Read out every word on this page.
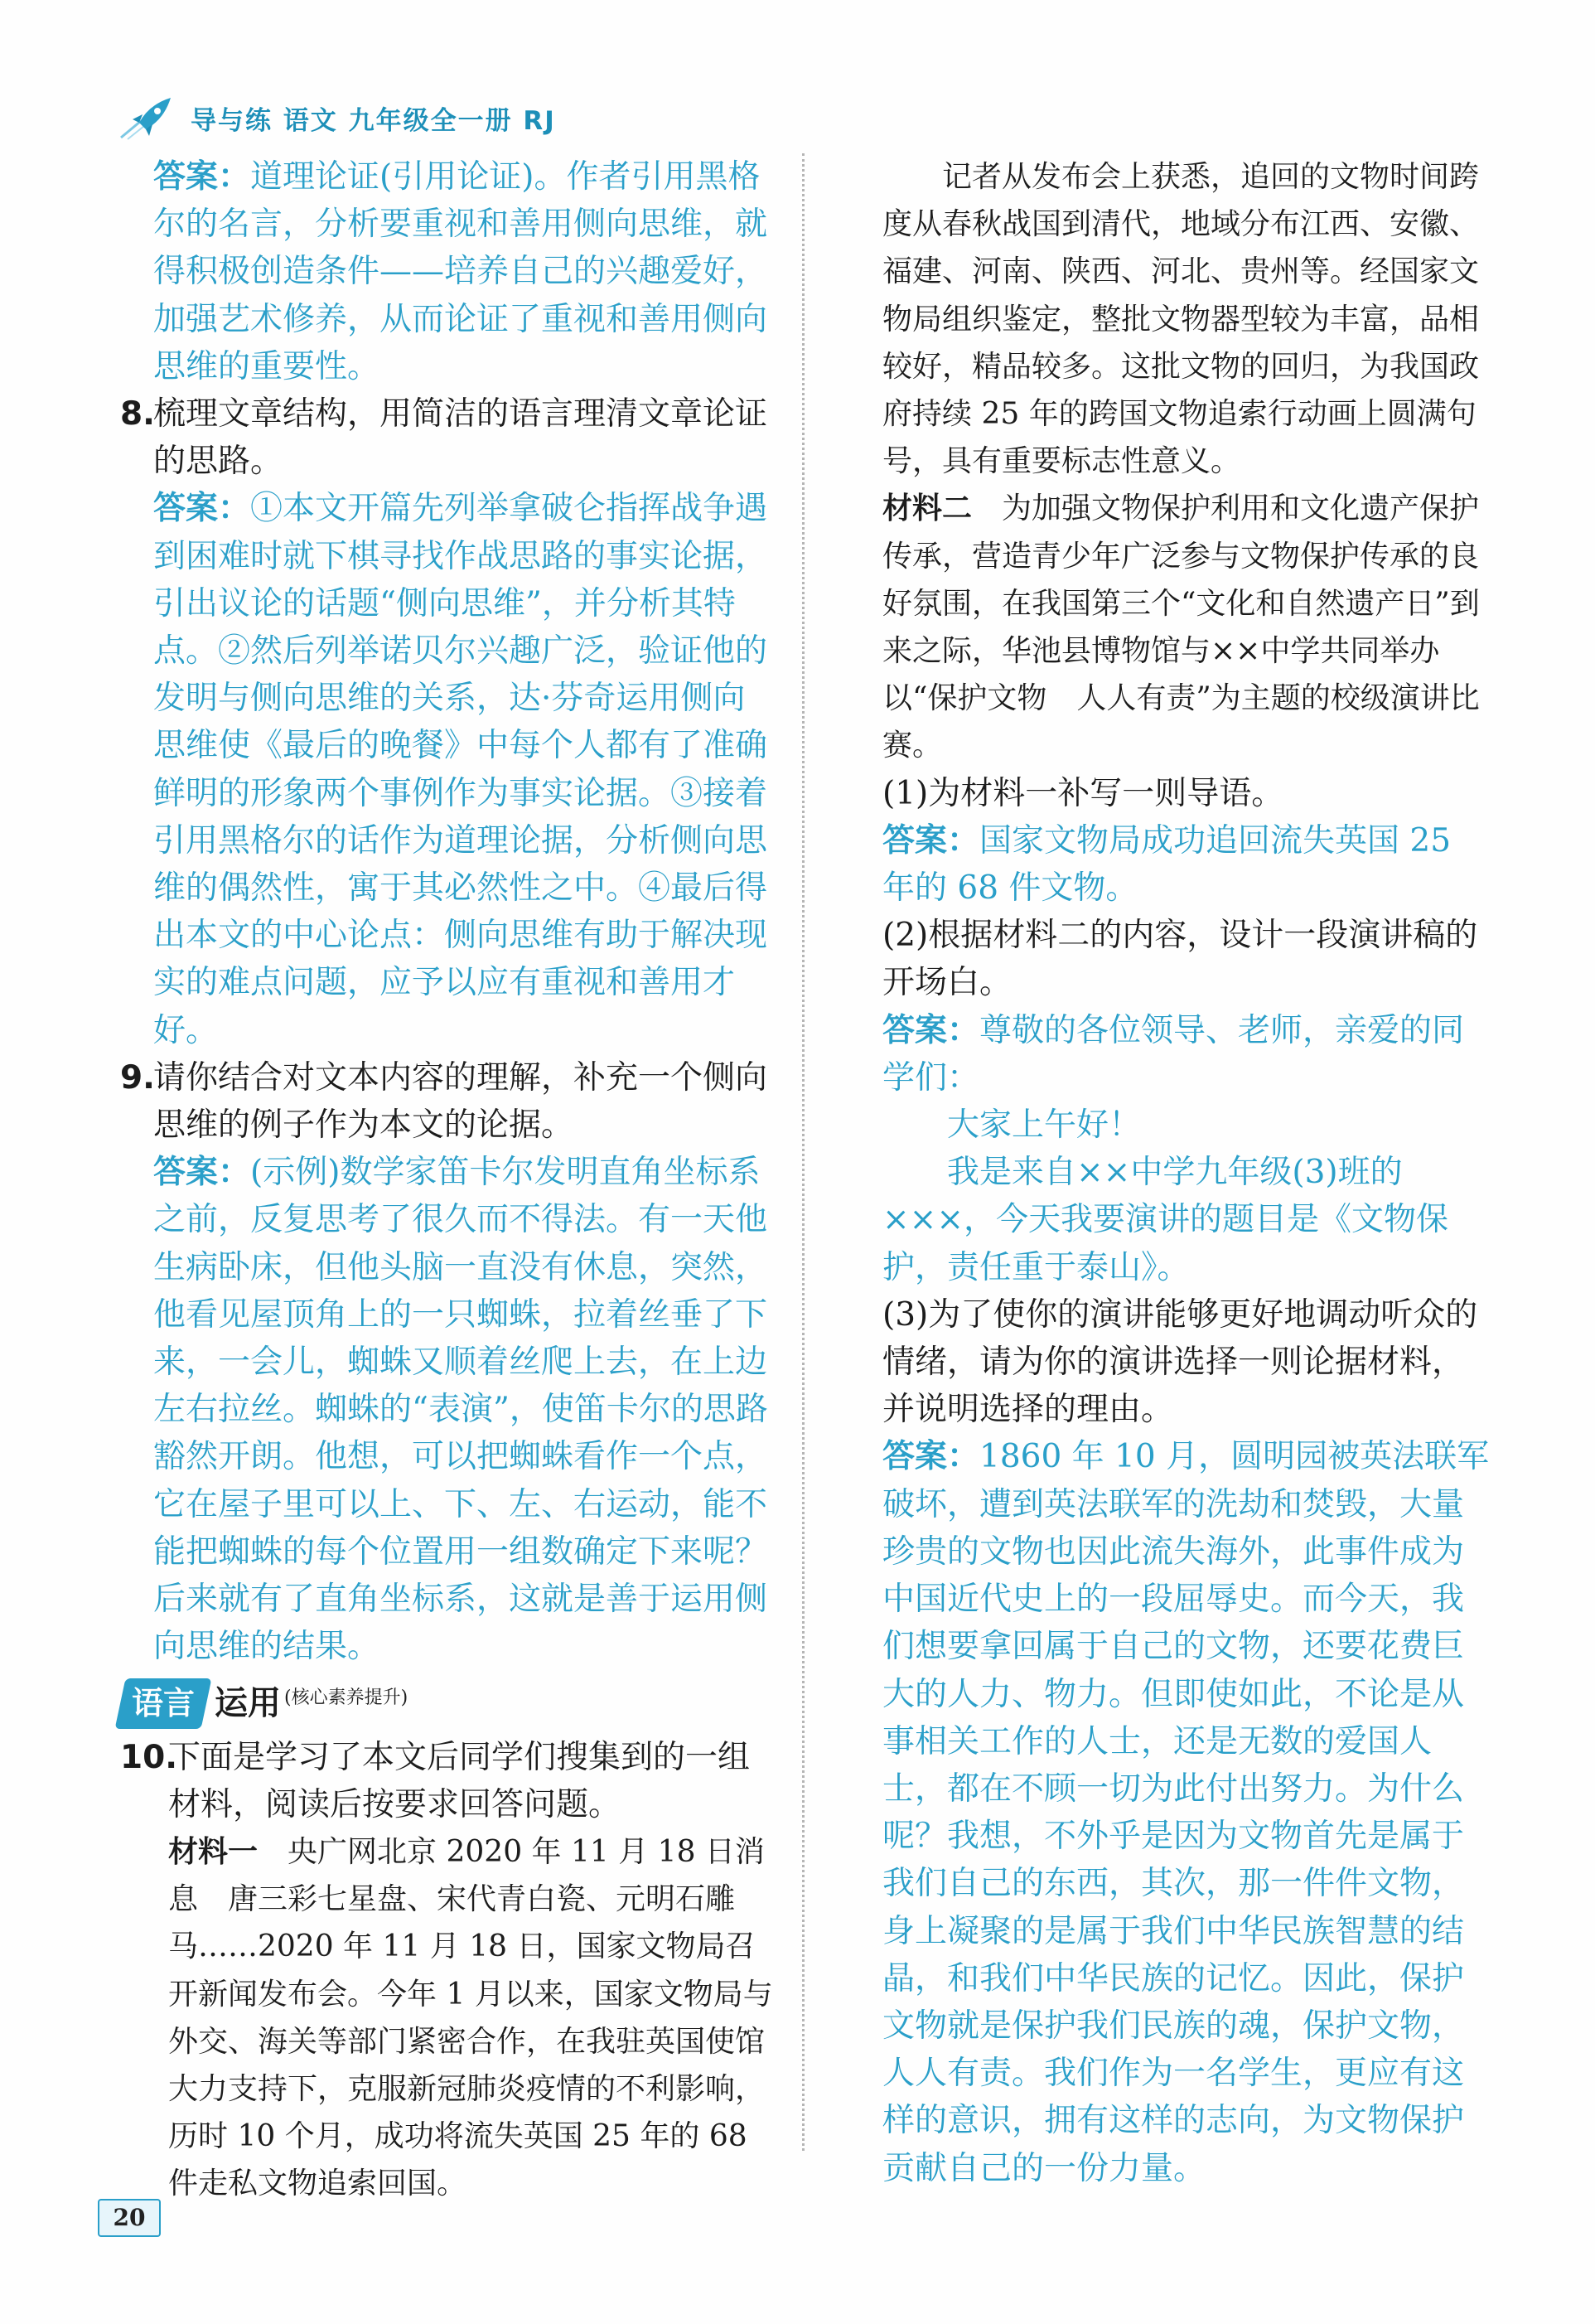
导与练 语文 九年级全一册 RJ

答案：道理论证(引用论证)。作者引用黑格尔的名言，分析要重视和善用侧向思维，就得积极创造条件——培养自己的兴趣爱好，加强艺术修养，从而论证了重视和善用侧向思维的重要性。

8.
梳理文章结构，用简洁的语言理清文章论证的思路。

答案：①本文开篇先列举拿破仑指挥战争遇到困难时就下棋寻找作战思路的事实论据，引出议论的话题“侧向思维”，并分析其特点。②然后列举诺贝尔兴趣广泛，验证他的发明与侧向思维的关系，达·芬奇运用侧向思维使《最后的晚餐》中每个人都有了准确鲜明的形象两个事例作为事实论据。③接着引用黑格尔的话作为道理论据，分析侧向思维的偶然性，寓于其必然性之中。④最后得出本文的中心论点：侧向思维有助于解决现实的难点问题，应予以应有重视和善用才好。

9.
请你结合对文本内容的理解，补充一个侧向思维的例子作为本文的论据。

答案：(示例)数学家笛卡尔发明直角坐标系之前，反复思考了很久而不得法。有一天他生病卧床，但他头脑一直没有休息，突然，他看见屋顶角上的一只蜘蛛，拉着丝垂了下来，一会儿，蜘蛛又顺着丝爬上去，在上边左右拉丝。蜘蛛的“表演”，使笛卡尔的思路豁然开朗。他想，可以把蜘蛛看作一个点，它在屋子里可以上、下、左、右运动，能不能把蜘蛛的每个位置用一组数确定下来呢？后来就有了直角坐标系，这就是善于运用侧向思维的结果。

语言 运用 (核心素养提升)
10.
下面是学习了本文后同学们搜集到的一组材料，阅读后按要求回答问题。

材料一　 央广网北京 2020 年 11 月 18 日消息　唐三彩七星盘、宋代青白瓷、元明石雕马……2020 年 11 月 18 日，国家文物局召开新闻发布会。今年 1 月以来，国家文物局与外交、海关等部门紧密合作，在我驻英国使馆大力支持下，克服新冠肺炎疫情的不利影响，历时 10 个月，成功将流失英国 25 年的 68 件走私文物追索回国。

记者从发布会上获悉，追回的文物时间跨度从春秋战国到清代，地域分布江西、安徽、福建、河南、陕西、河北、贵州等。经国家文物局组织鉴定，整批文物器型较为丰富，品相较好，精品较多。这批文物的回归，为我国政府持续 25 年的跨国文物追索行动画上圆满句号，具有重要标志性意义。

材料二　 为加强文物保护利用和文化遗产保护传承，营造青少年广泛参与文物保护传承的良好氛围，在我国第三个“文化和自然遗产日”到来之际，华池县博物馆与××中学共同举办以“保护文物　人人有责”为主题的校级演讲比赛。

(1)为材料一补写一则导语。

答案：国家文物局成功追回流失英国 25 年的 68 件文物。

(2)根据材料二的内容，设计一段演讲稿的开场白。

答案：尊敬的各位领导、老师，亲爱的同学们：

大家上午好！

我是来自××中学九年级(3)班的×××，今天我要演讲的题目是《文物保护，责任重于泰山》。

(3)为了使你的演讲能够更好地调动听众的情绪，请为你的演讲选择一则论据材料，并说明选择的理由。

答案：1860 年 10 月，圆明园被英法联军破坏，遭到英法联军的洗劫和焚毁，大量珍贵的文物也因此流失海外，此事件成为中国近代史上的一段屈辱史。而今天，我们想要拿回属于自己的文物，还要花费巨大的人力、物力。但即使如此，不论是从事相关工作的人士，还是无数的爱国人士，都在不顾一切为此付出努力。为什么呢？我想，不外乎是因为文物首先是属于我们自己的东西，其次，那一件件文物，身上凝聚的是属于我们中华民族智慧的结晶，和我们中华民族的记忆。因此，保护文物就是保护我们民族的魂，保护文物，人人有责。我们作为一名学生，更应有这样的意识，拥有这样的志向，为文物保护贡献自己的一份力量。

20
